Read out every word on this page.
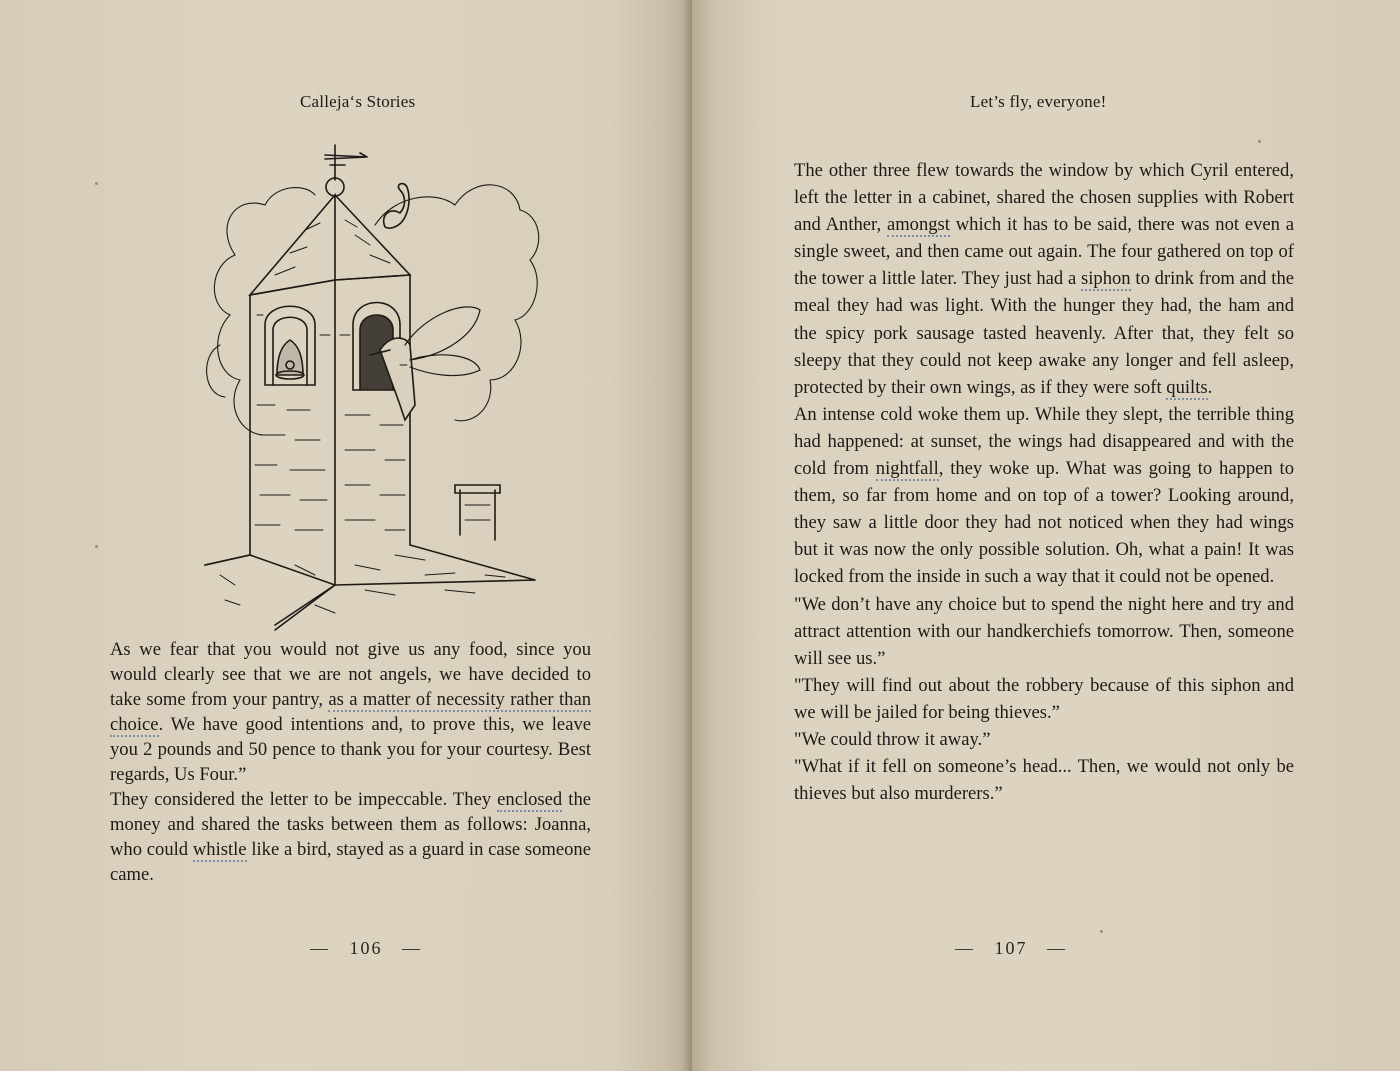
Calleja‘s Stories

As we fear that you would not give us any food, since you would clearly see that we are not angels, we have decided to take some from your pantry, as a matter of necessity rather than choice. We have good intentions and, to prove this, we leave you 2 pounds and 50 pence to thank you for your courtesy. Best regards, Us Four.”

They considered the letter to be impeccable. They enclosed the money and shared the tasks between them as follows: Joanna, who could whistle like a bird, stayed as a guard in case someone came.

—   106   —
Let’s fly, everyone!

The other three flew towards the window by which Cyril entered, left the letter in a cabinet, shared the chosen supplies with Robert and Anther, amongst which it has to be said, there was not even a single sweet, and then came out again. The four gathered on top of the tower a little later. They just had a siphon to drink from and the meal they had was light. With the hunger they had, the ham and the spicy pork sausage tasted heavenly. After that, they felt so sleepy that they could not keep awake any longer and fell asleep, protected by their own wings, as if they were soft quilts.

An intense cold woke them up. While they slept, the terrible thing had happened: at sunset, the wings had disappeared and with the cold from nightfall, they woke up. What was going to happen to them, so far from home and on top of a tower? Looking around, they saw a little door they had not noticed when they had wings but it was now the only possible solution. Oh, what a pain! It was locked from the inside in such a way that it could not be opened.

"We don’t have any choice but to spend the night here and try and attract attention with our handkerchiefs tomorrow. Then, someone will see us.”

"They will find out about the robbery because of this siphon and we will be jailed for being thieves.”

"We could throw it away.”

"What if it fell on someone’s head... Then, we would not only be thieves but also murderers.”

—   107   —
